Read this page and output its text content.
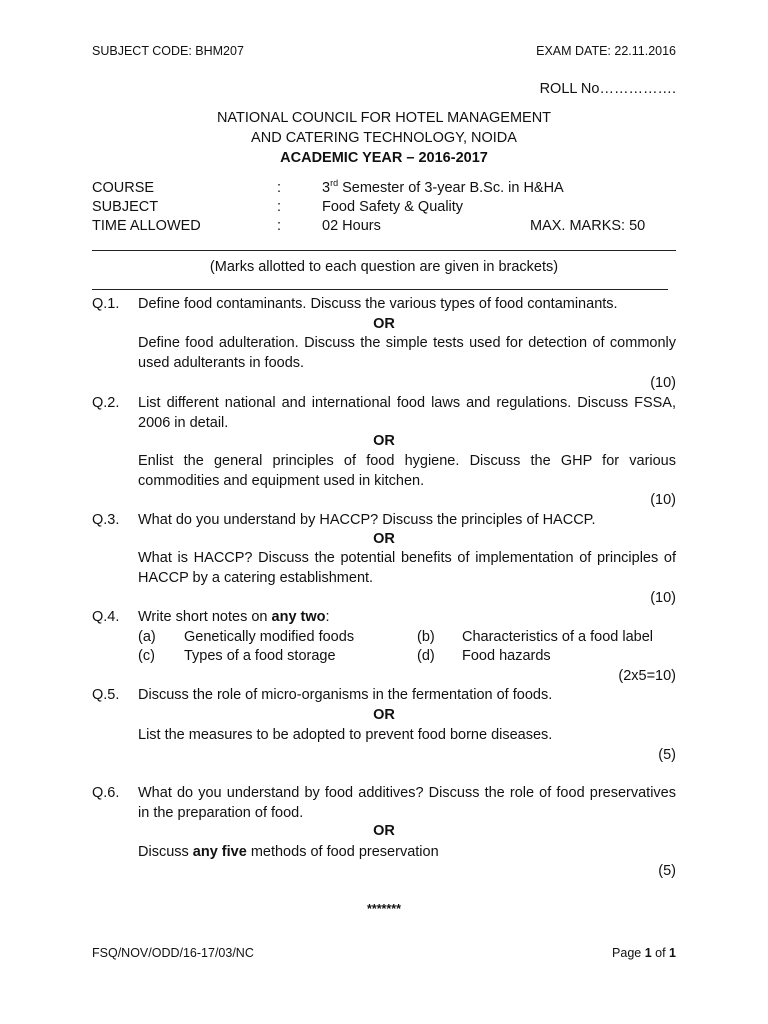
SUBJECT CODE: BHM207	EXAM DATE: 22.11.2016
ROLL No…………….
NATIONAL COUNCIL FOR HOTEL MANAGEMENT
AND CATERING TECHNOLOGY, NOIDA
ACADEMIC YEAR – 2016-2017
COURSE	:	3rd Semester of 3-year B.Sc. in H&HA
SUBJECT	:	Food Safety & Quality
TIME ALLOWED	:	02 Hours	MAX. MARKS: 50
(Marks allotted to each question are given in brackets)
Q.1. Define food contaminants. Discuss the various types of food contaminants.
OR
Define food adulteration. Discuss the simple tests used for detection of commonly used adulterants in foods.
(10)
Q.2. List different national and international food laws and regulations. Discuss FSSA, 2006 in detail.
OR
Enlist the general principles of food hygiene. Discuss the GHP for various commodities and equipment used in kitchen.
(10)
Q.3. What do you understand by HACCP? Discuss the principles of HACCP.
OR
What is HACCP? Discuss the potential benefits of implementation of principles of HACCP by a catering establishment.
(10)
Q.4. Write short notes on any two:
(a) Genetically modified foods	(b) Characteristics of a food label
(c) Types of a food storage	(d) Food hazards
(2x5=10)
Q.5. Discuss the role of micro-organisms in the fermentation of foods.
OR
List the measures to be adopted to prevent food borne diseases.
(5)
Q.6. What do you understand by food additives? Discuss the role of food preservatives in the preparation of food.
OR
Discuss any five methods of food preservation
(5)
*******
FSQ/NOV/ODD/16-17/03/NC	Page 1 of 1
